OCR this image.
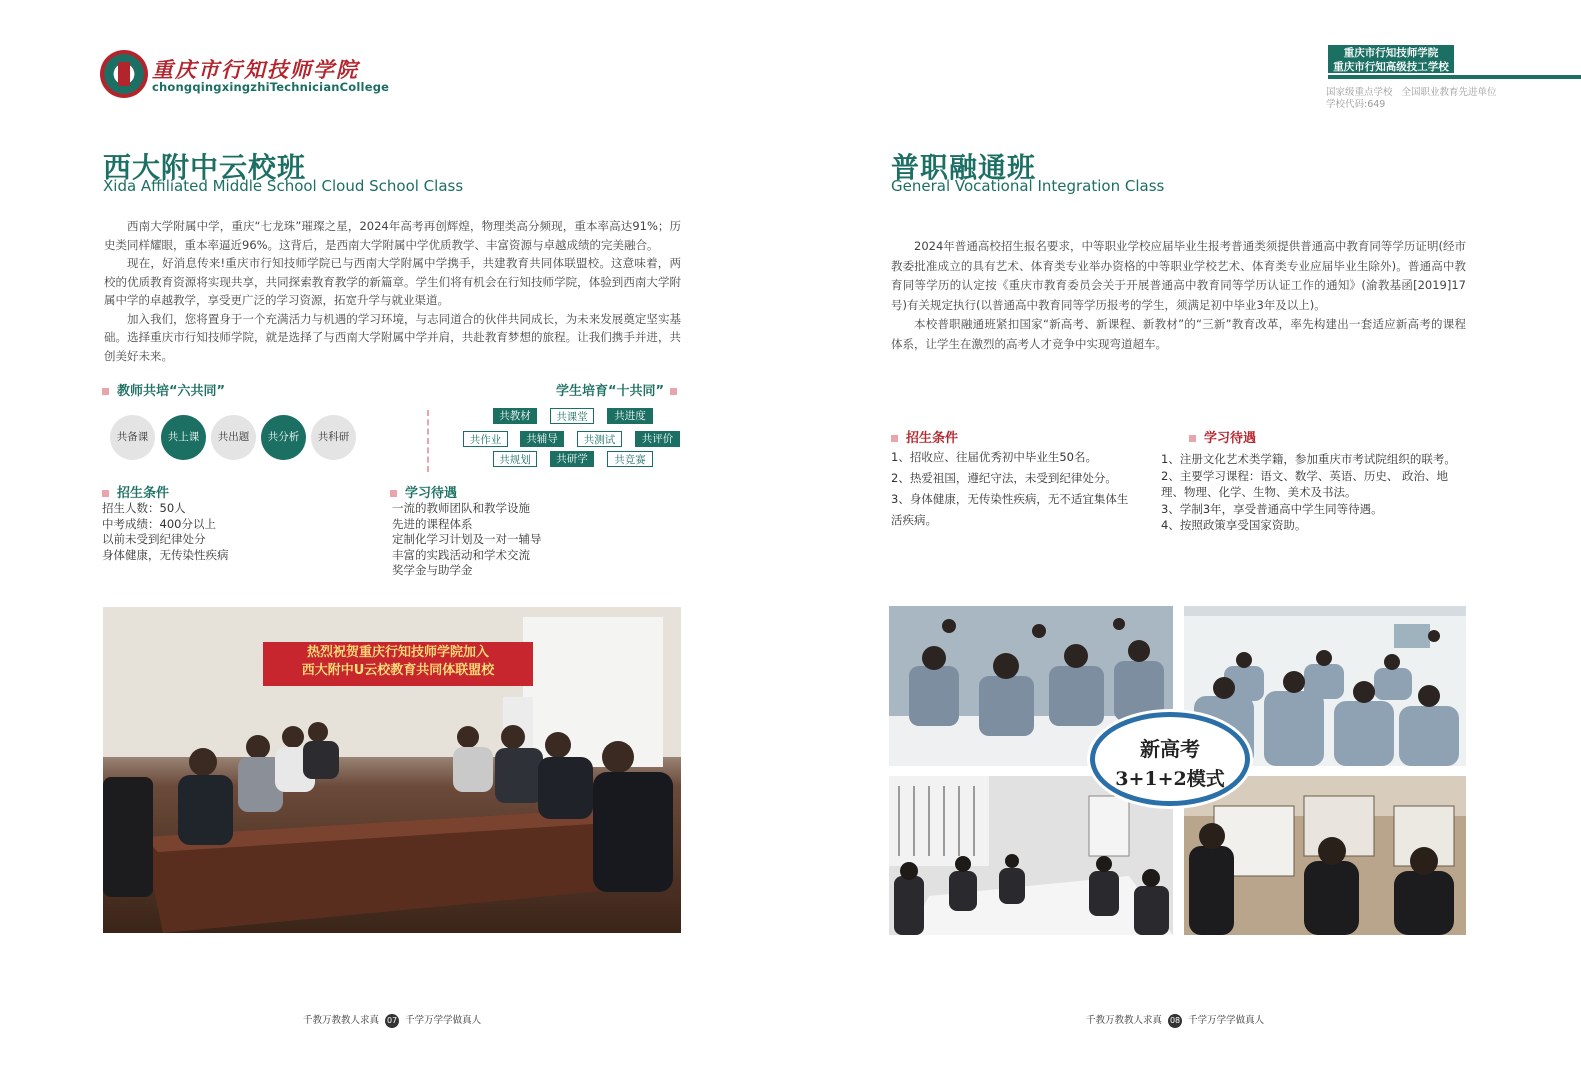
重庆市行知技师学院
chongqingxingzhiTechnicianCollege
重庆市行知技师学院
重庆市行知高级技工学校
国家级重点学校   全国职业教育先进单位
学校代码:649
西大附中云校班
Xida Affiliated Middle School Cloud School Class
西南大学附属中学，重庆“七龙珠”璀璨之星，2024年高考再创辉煌，物理类高分频现，重本率高达91%；历史类同样耀眼，重本率逼近96%。这背后，是西南大学附属中学优质教学、丰富资源与卓越成绩的完美融合。
现在，好消息传来!重庆市行知技师学院已与西南大学附属中学携手，共建教育共同体联盟校。这意味着，两校的优质教育资源将实现共享，共同探索教育教学的新篇章。学生们将有机会在行知技师学院，体验到西南大学附属中学的卓越教学，享受更广泛的学习资源，拓宽升学与就业渠道。
加入我们，您将置身于一个充满活力与机遇的学习环境，与志同道合的伙伴共同成长，为未来发展奠定坚实基础。选择重庆市行知技师学院，就是选择了与西南大学附属中学并肩，共赴教育梦想的旅程。让我们携手并进，共创美好未来。
教师共培“六共同”	学生培育“十共同”
共备课	共上课	共出题	共分析	共科研
共教材	共课堂	共进度
共作业	共辅导	共测试	共评价
共规划	共研学	共竞赛
招生条件
招生人数：50人
中考成绩：400分以上
以前未受到纪律处分
身体健康，无传染性疾病
学习待遇
一流的教师团队和教学设施
先进的课程体系
定制化学习计划及一对一辅导
丰富的实践活动和学术交流
奖学金与助学金
热烈祝贺重庆行知技师学院加入
西大附中U云校教育共同体联盟校
千教万教教人求真 07 千学万学学做真人
普职融通班
General Vocational Integration Class
2024年普通高校招生报名要求，中等职业学校应届毕业生报考普通类须提供普通高中教育同等学历证明(经市教委批准成立的具有艺术、体育类专业举办资格的中等职业学校艺术、体育类专业应届毕业生除外)。普通高中教育同等学历的认定按《重庆市教育委员会关于开展普通高中教育同等学历认证工作的通知》(渝教基函[2019]17号)有关规定执行(以普通高中教育同等学历报考的学生，须满足初中毕业3年及以上)。
本校普职融通班紧扣国家“新高考、新课程、新教材”的“三新”教育改革，率先构建出一套适应新高考的课程体系，让学生在激烈的高考人才竞争中实现弯道超车。
招生条件
1、招收应、往届优秀初中毕业生50名。
2、热爱祖国，遵纪守法，未受到纪律处分。
3、身体健康，无传染性疾病，无不适宜集体生活疾病。
学习待遇
1、注册文化艺术类学籍，参加重庆市考试院组织的联考。
2、主要学习课程：语文、数学、英语、历史、 政治、地理、物理、化学、生物、美术及书法。
3、学制3年，享受普通高中学生同等待遇。
4、按照政策享受国家资助。
新高考
3+1+2模式
千教万教教人求真 08 千学万学学做真人
